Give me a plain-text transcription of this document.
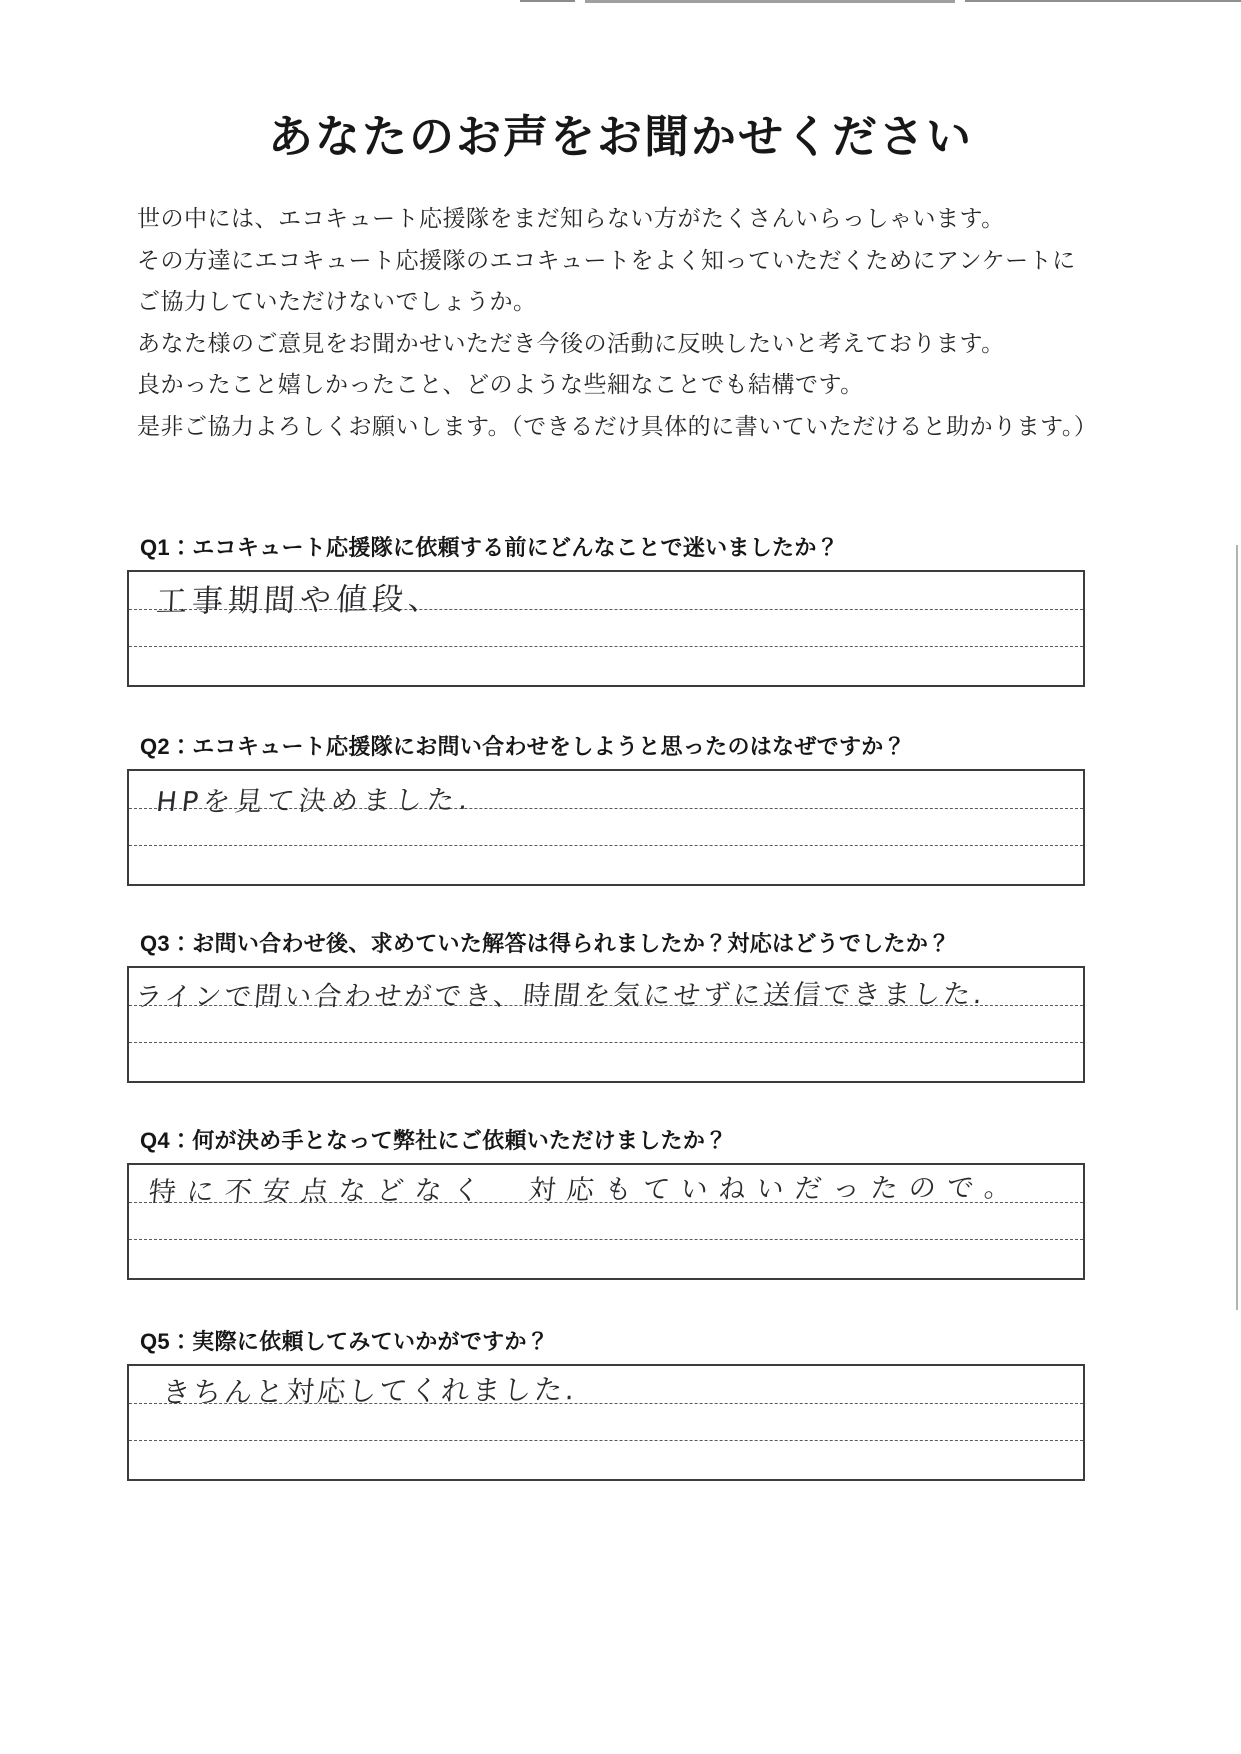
あなたのお声をお聞かせください

世の中には、エコキュート応援隊をまだ知らない方がたくさんいらっしゃいます。

その方達にエコキュート応援隊のエコキュートをよく知っていただくためにアンケートに

ご協力していただけないでしょうか。

あなた様のご意見をお聞かせいただき今後の活動に反映したいと考えております。

良かったこと嬉しかったこと、どのような些細なことでも結構です。

是非ご協力よろしくお願いします。（できるだけ具体的に書いていただけると助かります。）

Q1：エコキュート応援隊に依頼する前にどんなことで迷いましたか？
工事期間や値段、
Q2：エコキュート応援隊にお問い合わせをしようと思ったのはなぜですか？
HPを見て決めました.
Q3：お問い合わせ後、求めていた解答は得られましたか？対応はどうでしたか？
ラインで問い合わせができ、時間を気にせずに送信できました.
Q4：何が決め手となって弊社にご依頼いただけましたか？
特に不安点などなく　対応もていねいだったので。
Q5：実際に依頼してみていかがですか？
きちんと対応してくれました.
